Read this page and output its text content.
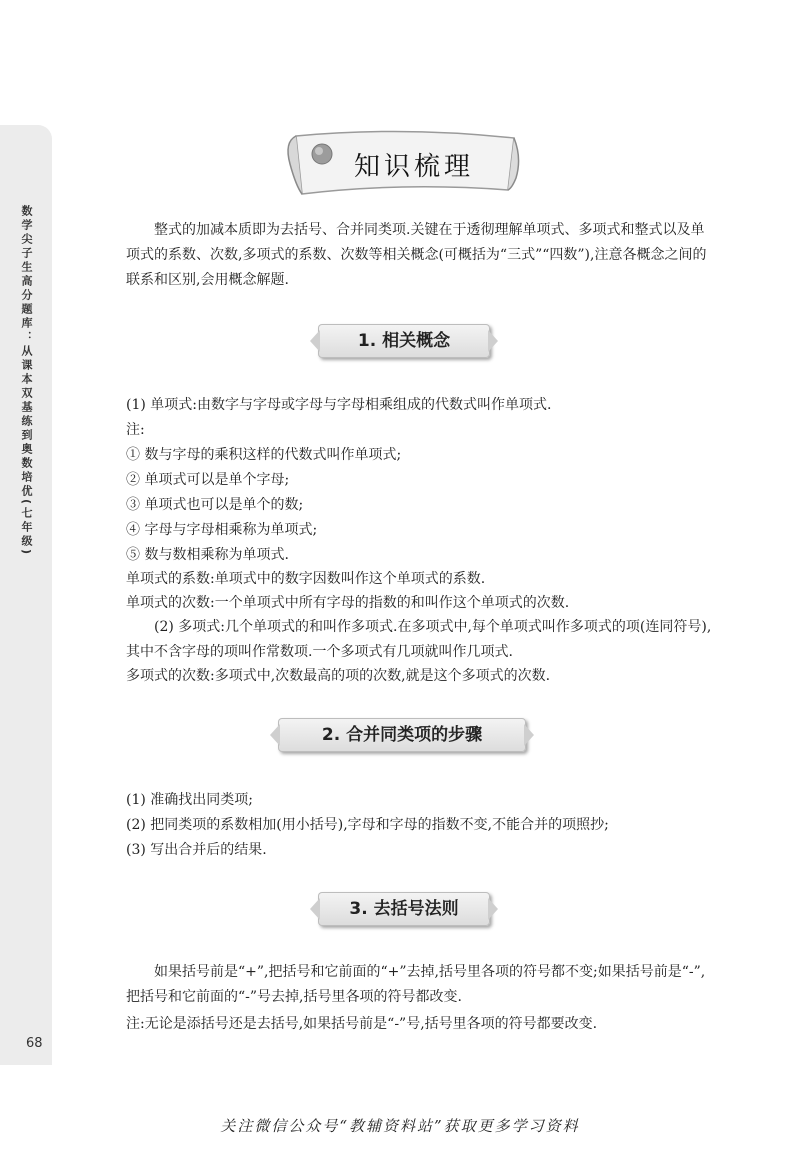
数学尖子生高分题库：从课本双基练到奥数培优(七年级)
68
知识梳理

整式的加减本质即为去括号、合并同类项.关键在于透彻理解单项式、多项式和整式以及单项式的系数、次数,多项式的系数、次数等相关概念(可概括为“三式”“四数”),注意各概念之间的联系和区别,会用概念解题.

1. 相关概念

(1) 单项式:由数字与字母或字母与字母相乘组成的代数式叫作单项式.

注:

① 数与字母的乘积这样的代数式叫作单项式;

② 单项式可以是单个字母;

③ 单项式也可以是单个的数;

④ 字母与字母相乘称为单项式;

⑤ 数与数相乘称为单项式.

单项式的系数:单项式中的数字因数叫作这个单项式的系数.

单项式的次数:一个单项式中所有字母的指数的和叫作这个单项式的次数.

(2) 多项式:几个单项式的和叫作多项式.在多项式中,每个单项式叫作多项式的项(连同符号),其中不含字母的项叫作常数项.一个多项式有几项就叫作几项式.

多项式的次数:多项式中,次数最高的项的次数,就是这个多项式的次数.

2. 合并同类项的步骤

(1) 准确找出同类项;

(2) 把同类项的系数相加(用小括号),字母和字母的指数不变,不能合并的项照抄;

(3) 写出合并后的结果.

3. 去括号法则

如果括号前是“+”,把括号和它前面的“+”去掉,括号里各项的符号都不变;如果括号前是“-”,把括号和它前面的“-”号去掉,括号里各项的符号都改变.

注:无论是添括号还是去括号,如果括号前是“-”号,括号里各项的符号都要改变.

关注微信公众号“教辅资料站”获取更多学习资料
